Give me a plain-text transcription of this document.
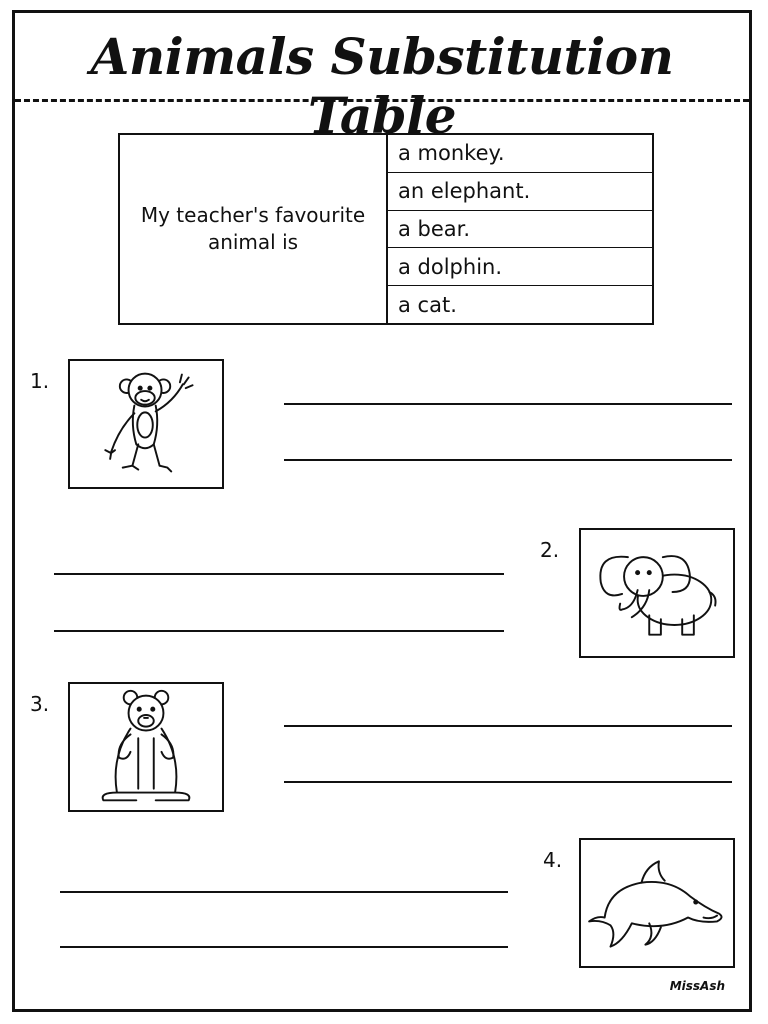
Animals Substitution Table
My teacher's favourite animal is
a monkey.
an elephant.
a bear.
a dolphin.
a cat.
1.
2.
3.
4.
MissAsh
